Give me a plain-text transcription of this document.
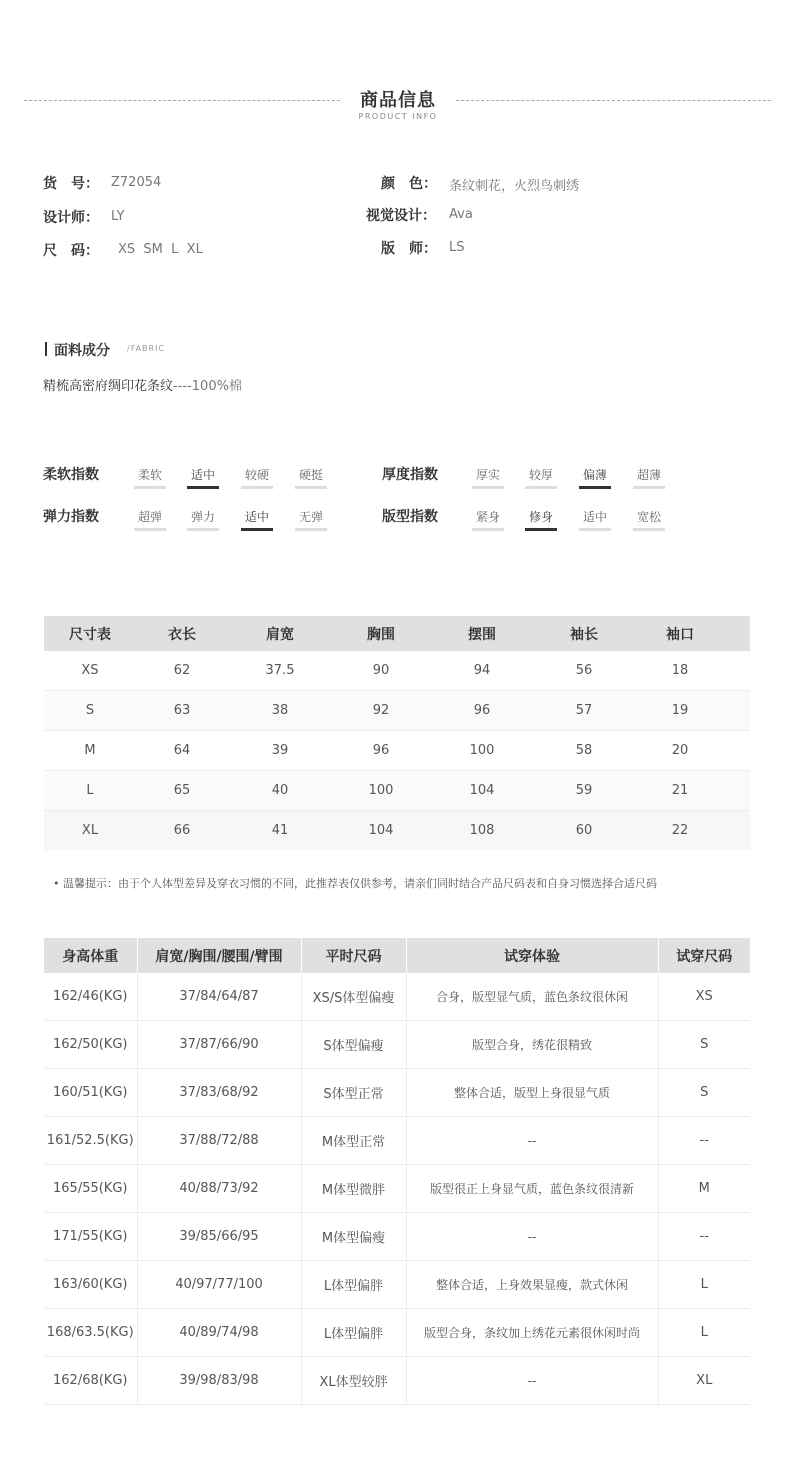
商品信息
PRODUCT INFO
货　号： Z72054
设计师： LY
尺　码： XS  SM  L  XL
颜　色： 条纹刺花，火烈鸟刺绣
视觉设计： Ava
版　师： LS
面料成分 /FABRIC
精梳高密府绸印花条纹----100%棉
柔软指数	柔软	适中	较硬	硬挺
弹力指数	超弹	弹力	适中	无弹
厚度指数	厚实	较厚	偏薄	超薄
版型指数	紧身	修身	适中	宽松
尺寸表	衣长	肩宽	胸围	摆围	袖长	袖口	
XS	62	37.5	90	94	56	18	
S	63	38	92	96	57	19	
M	64	39	96	100	58	20	
L	65	40	100	104	59	21	
XL	66	41	104	108	60	22	
• 温馨提示：由于个人体型差异及穿衣习惯的不同，此推荐表仅供参考，请亲们同时结合产品尺码表和自身习惯选择合适尺码
身高体重	肩宽/胸围/腰围/臂围	平时尺码	试穿体验	试穿尺码
162/46(KG)	37/84/64/87	XS/S体型偏瘦	合身，版型显气质，蓝色条纹很休闲	XS
162/50(KG)	37/87/66/90	S体型偏瘦	版型合身，绣花很精致	S
160/51(KG)	37/83/68/92	S体型正常	整体合适，版型上身很显气质	S
161/52.5(KG)	37/88/72/88	M体型正常	--	--
165/55(KG)	40/88/73/92	M体型微胖	版型很正上身显气质，蓝色条纹很清新	M
171/55(KG)	39/85/66/95	M体型偏瘦	--	--
163/60(KG)	40/97/77/100	L体型偏胖	整体合适，上身效果显瘦，款式休闲	L
168/63.5(KG)	40/89/74/98	L体型偏胖	版型合身，条纹加上绣花元素很休闲时尚	L
162/68(KG)	39/98/83/98	XL体型较胖	--	XL
